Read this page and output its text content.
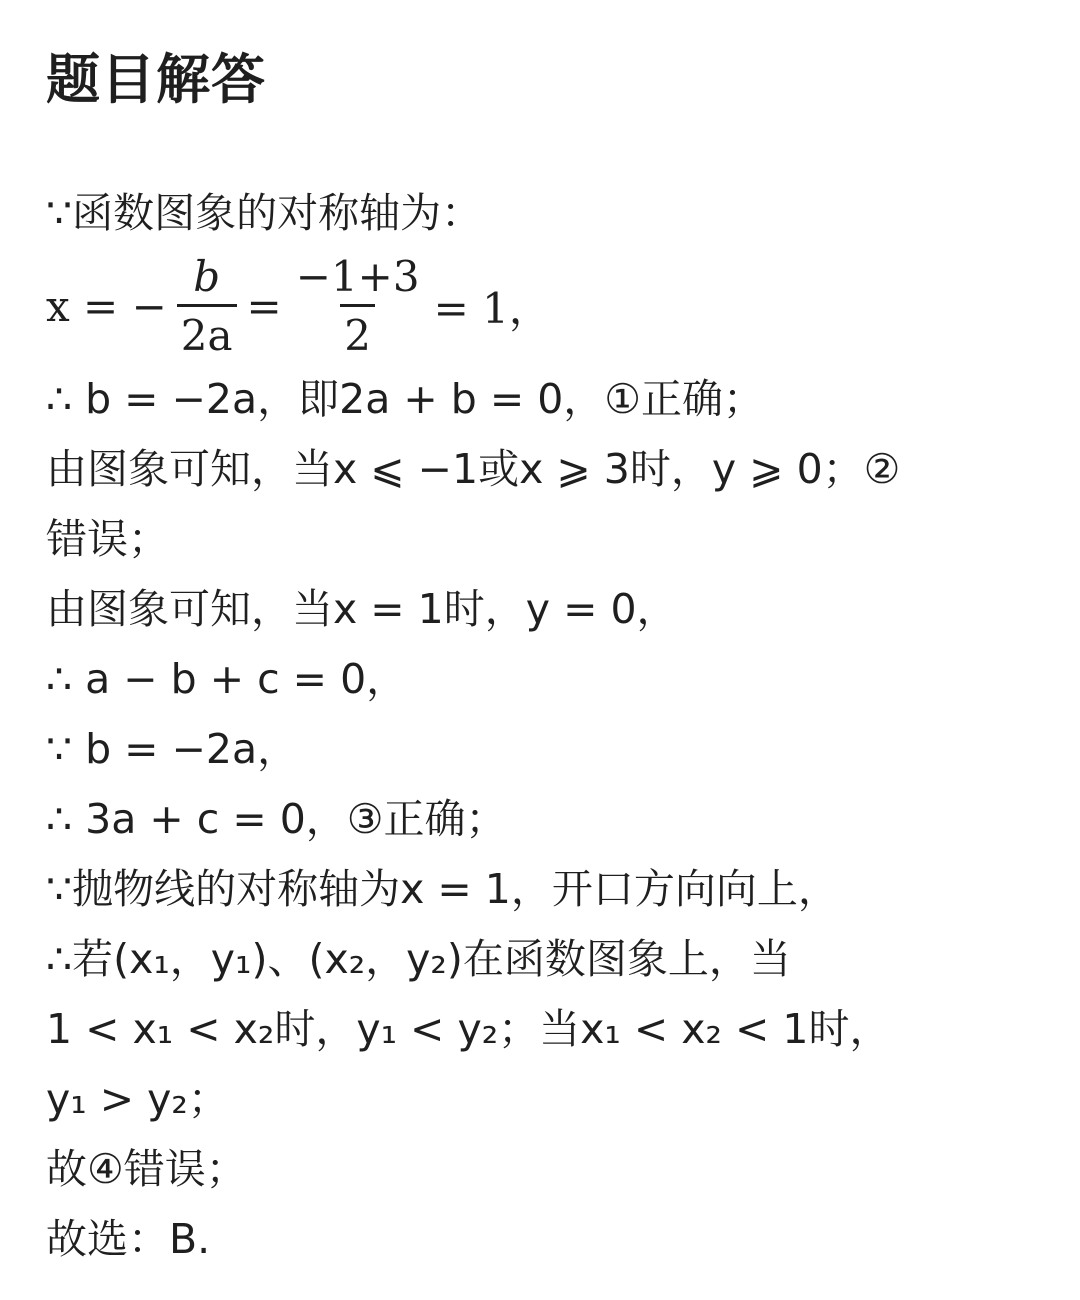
题目解答
∵函数图象的对称轴为：
x = − $\frac{b}{2a} = \frac{-1+3}{2} = 1$，
∴ b = −2a，即2a + b = 0，①正确；
由图象可知，当x ⩽ −1或x ⩾ 3时，y ⩾ 0；②
错误；
由图象可知，当x = 1时，y = 0，
∴ a − b + c = 0，
∵ b = −2a，
∴ 3a + c = 0，③正确；
∵抛物线的对称轴为x = 1，开口方向向上，
∴若(x₁，y₁)、(x₂，y₂)在函数图象上，当
1 < x₁ < x₂时，y₁ < y₂；当x₁ < x₂ < 1时，
y₁ > y₂；
故④错误；
故选：B.
